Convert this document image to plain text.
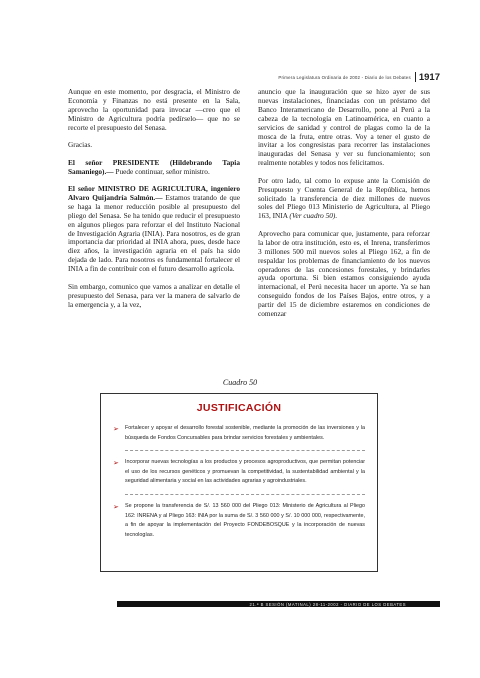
Primera Legislatura Ordinaria de 2002 - Diario de los Debates 1917

Aunque en este momento, por desgracia, el Ministro de Economía y Finanzas no está presente en la Sala, aprovecho la oportunidad para invocar —creo que el Ministro de Agricultura podría pedírselo— que no se recorte el presupuesto del Senasa.

Gracias.

El señor PRESIDENTE (Hildebrando Tapia Samaniego).— Puede continuar, señor ministro.

El señor MINISTRO DE AGRICULTURA, ingeniero Alvaro Quijandría Salmón.— Estamos tratando de que se haga la menor reducción posible al presupuesto del pliego del Senasa. Se ha tenido que reducir el presupuesto en algunos pliegos para reforzar el del Instituto Nacional de Investigación Agraria (INIA). Para nosotros, es de gran importancia dar prioridad al INIA ahora, pues, desde hace diez años, la investigación agraria en el país ha sido dejada de lado. Para nosotros es fundamental fortalecer el INIA a fin de contribuir con el futuro desarrollo agrícola.

Sin embargo, comunico que vamos a analizar en detalle el presupuesto del Senasa, para ver la manera de salvarlo de la emergencia y, a la vez,

anuncio que la inauguración que se hizo ayer de sus nuevas instalaciones, financiadas con un préstamo del Banco Interamericano de Desarrollo, pone al Perú a la cabeza de la tecnología en Latinoamérica, en cuanto a servicios de sanidad y control de plagas como la de la mosca de la fruta, entre otras. Voy a tener el gusto de invitar a los congresistas para recorrer las instalaciones inauguradas del Senasa y ver su funcionamiento; son realmente notables y todos nos felicitamos.

Por otro lado, tal como lo expuse ante la Comisión de Presupuesto y Cuenta General de la República, hemos solicitado la transferencia de diez millones de nuevos soles del Pliego 013 Ministerio de Agricultura, al Pliego 163, INIA (Ver cuadro 50).

Aprovecho para comunicar que, justamente, para reforzar la labor de otra institución, esto es, el Inrena, transferimos 3 millones 500 mil nuevos soles al Pliego 162, a fin de respaldar los problemas de financiamiento de los nuevos operadores de las concesiones forestales, y brindarles ayuda oportuna. Si bien estamos consiguiendo ayuda internacional, el Perú necesita hacer un aporte. Ya se han conseguido fondos de los Países Bajos, entre otros, y a partir del 15 de diciembre estaremos en condiciones de comenzar

Cuadro 50
JUSTIFICACIÓN
➢	Fortalecer y apoyar el desarrollo forestal sostenible, mediante la promoción de las inversiones y la búsqueda de Fondos Concursables para brindar servicios forestales y ambientales.
➢	Incorporar nuevas tecnologías a los productos y procesos agroproductivos, que permitan potenciar el uso de los recursos genéticos y promuevan la competitividad, la sustentabilidad ambiental y la seguridad alimentaria y social en las actividades agrarias y agroindustriales.
➢	Se propone la transferencia de S/. 13 560 000 del Pliego 013: Ministerio de Agricultura al Pliego 162: INRENA y al Pliego 163: INIA por la suma de S/. 3 560 000 y S/. 10 000 000, respectivamente, a fin de apoyar la implementación del Proyecto FONDEBOSQUE y la incorporación de nuevas tecnologías.
21.ª B SESIÓN (MATINAL) 28-11-2002 - DIARIO DE LOS DEBATES
